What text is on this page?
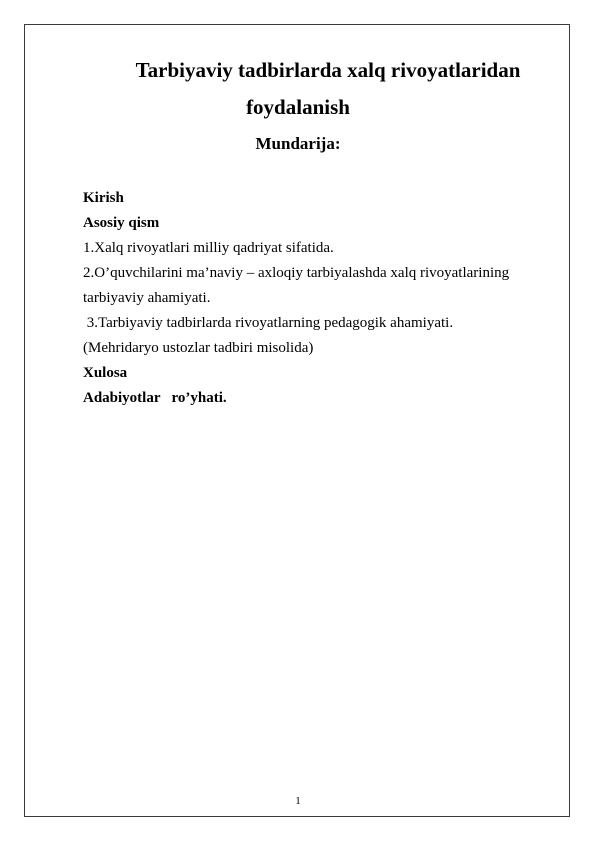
Tarbiyaviy tadbirlarda xalq rivoyatlaridan
foydalanish
Mundarija:
Kirish
Asosiy qism
1.Xalq rivoyatlari milliy qadriyat sifatida.
2.O’quvchilarini ma’naviy – axloqiy tarbiyalashda xalq rivoyatlarining
tarbiyaviy ahamiyati.
3.Tarbiyaviy tadbirlarda rivoyatlarning pedagogik ahamiyati.
(Mehridaryo ustozlar tadbiri misolida)
Xulosa
Adabiyotlar   ro’yhati.
1
